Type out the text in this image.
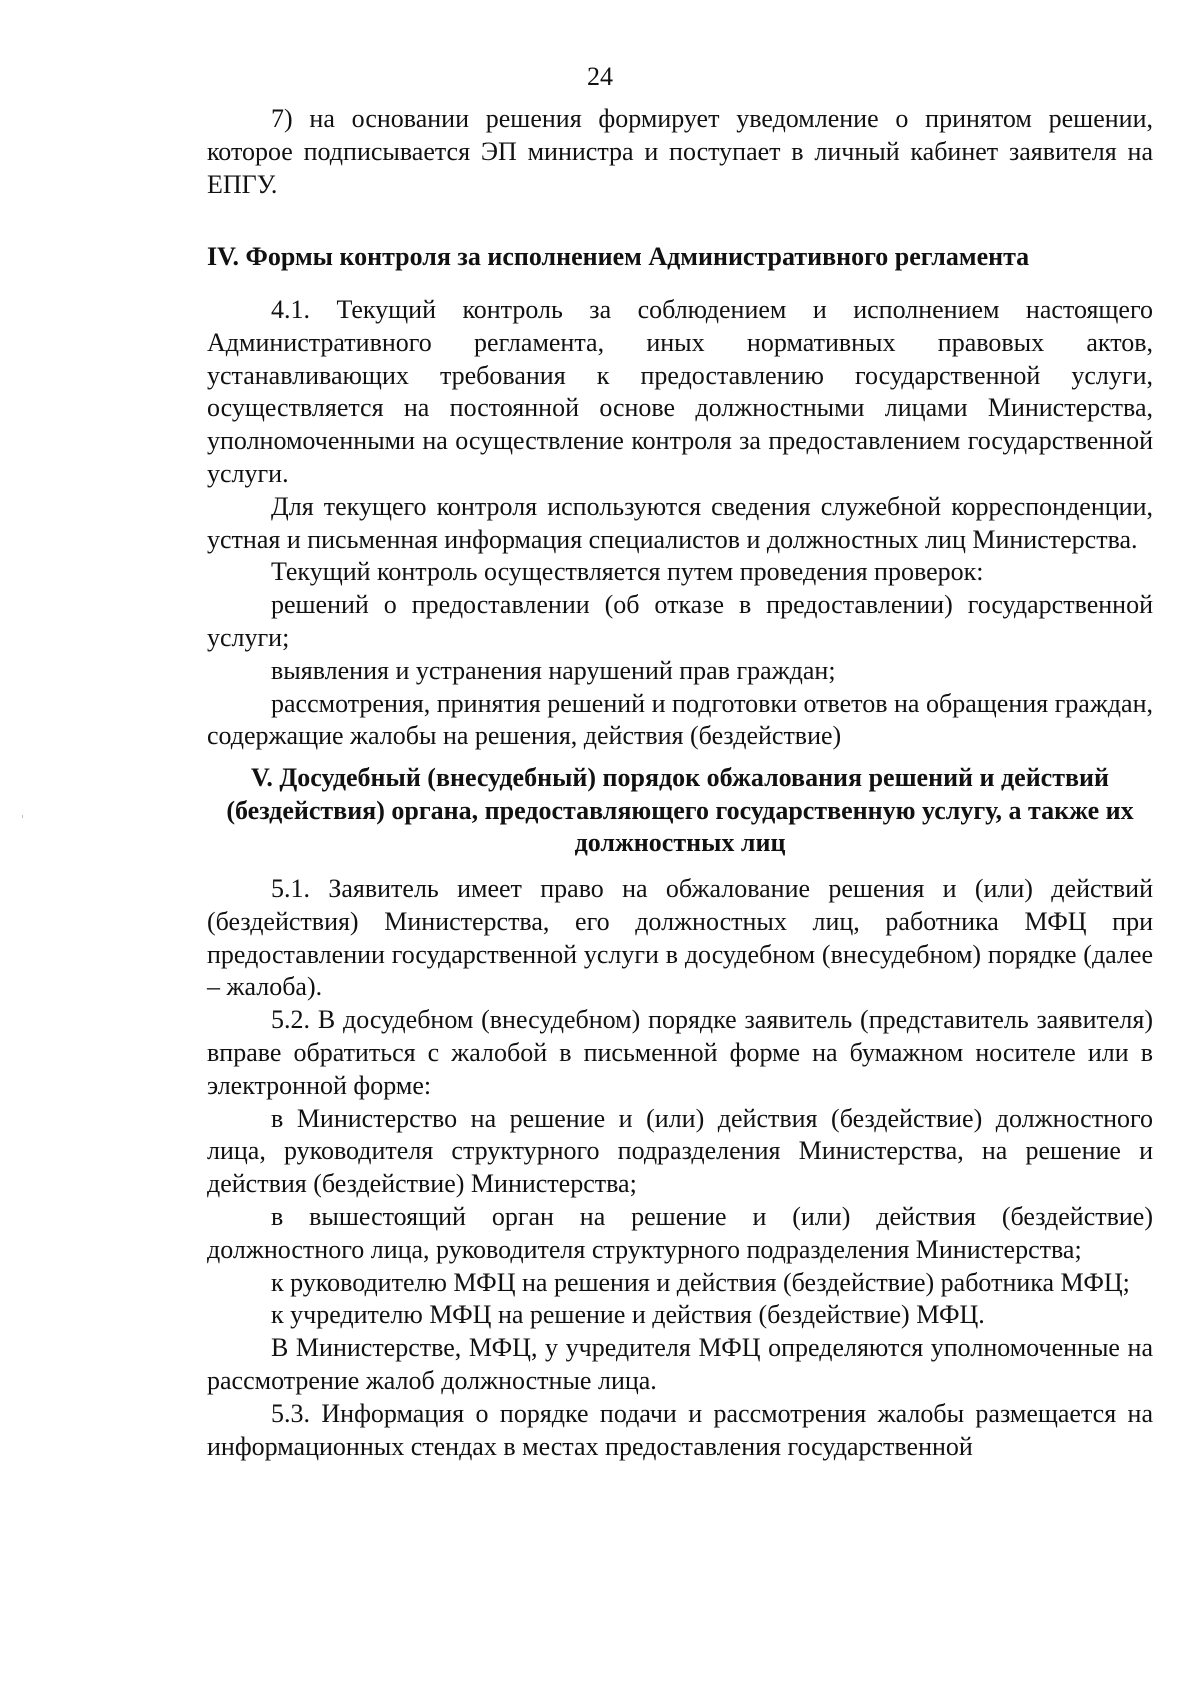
24

7) на основании решения формирует уведомление о принятом решении, которое подписывается ЭП министра и поступает в личный кабинет заявителя на ЕПГУ.

IV. Формы контроля за исполнением Административного регламента

4.1. Текущий контроль за соблюдением и исполнением настоящего Административного регламента, иных нормативных правовых актов, устанавливающих требования к предоставлению государственной услуги, осуществляется на постоянной основе должностными лицами Министерства, уполномоченными на осуществление контроля за предоставлением государственной услуги.

Для текущего контроля используются сведения служебной корреспонденции, устная и письменная информация специалистов и должностных лиц Министерства.

Текущий контроль осуществляется путем проведения проверок:

решений о предоставлении (об отказе в предоставлении) государственной услуги;

выявления и устранения нарушений прав граждан;

рассмотрения, принятия решений и подготовки ответов на обращения граждан, содержащие жалобы на решения, действия (бездействие)

V. Досудебный (внесудебный) порядок обжалования решений и действий (бездействия) органа, предоставляющего государственную услугу, а также их должностных лиц

5.1. Заявитель имеет право на обжалование решения и (или) действий (бездействия) Министерства, его должностных лиц, работника МФЦ при предоставлении государственной услуги в досудебном (внесудебном) порядке (далее – жалоба).

5.2. В досудебном (внесудебном) порядке заявитель (представитель заявителя) вправе обратиться с жалобой в письменной форме на бумажном носителе или в электронной форме:

в Министерство на решение и (или) действия (бездействие) должностного лица, руководителя структурного подразделения Министерства, на решение и действия (бездействие) Министерства;

в вышестоящий орган на решение и (или) действия (бездействие) должностного лица, руководителя структурного подразделения Министерства;

к руководителю МФЦ на решения и действия (бездействие) работника МФЦ;

к учредителю МФЦ на решение и действия (бездействие) МФЦ.

В Министерстве, МФЦ, у учредителя МФЦ определяются уполномоченные на рассмотрение жалоб должностные лица.

5.3. Информация о порядке подачи и рассмотрения жалобы размещается на информационных стендах в местах предоставления государственной
